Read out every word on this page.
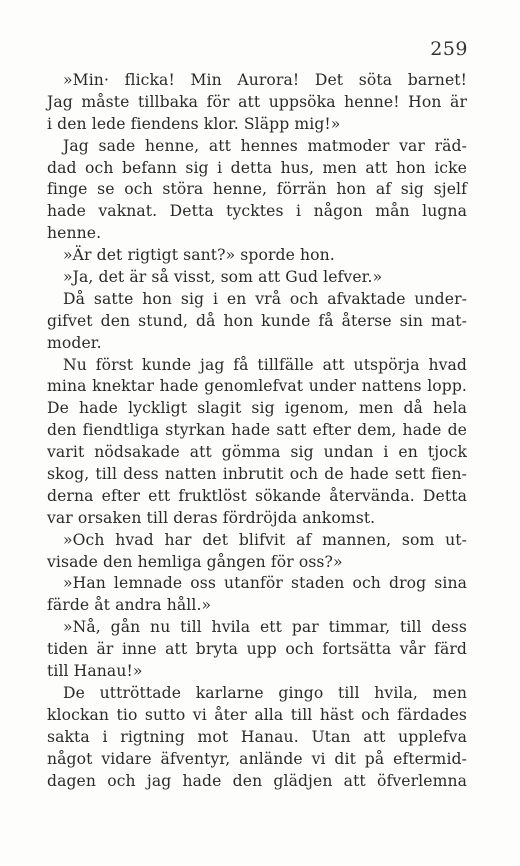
259
»Min· flicka! Min Aurora! Det söta barnet!
Jag måste tillbaka för att uppsöka henne! Hon är
i den lede fiendens klor. Släpp mig!»
Jag sade henne, att hennes matmoder var räd-
dad och befann sig i detta hus, men att hon icke
finge se och störa henne, förrän hon af sig sjelf
hade vaknat. Detta tycktes i någon mån lugna
henne.
»Är det rigtigt sant?» sporde hon.
»Ja, det är så visst, som att Gud lefver.»
Då satte hon sig i en vrå och afvaktade under-
gifvet den stund, då hon kunde få återse sin mat-
moder.
Nu först kunde jag få tillfälle att utspörja hvad
mina knektar hade genomlefvat under nattens lopp.
De hade lyckligt slagit sig igenom, men då hela
den fiendtliga styrkan hade satt efter dem, hade de
varit nödsakade att gömma sig undan i en tjock
skog, till dess natten inbrutit och de hade sett fien-
derna efter ett fruktlöst sökande återvända. Detta
var orsaken till deras fördröjda ankomst.
»Och hvad har det blifvit af mannen, som ut-
visade den hemliga gången för oss?»
»Han lemnade oss utanför staden och drog sina
färde åt andra håll.»
»Nå, gån nu till hvila ett par timmar, till dess
tiden är inne att bryta upp och fortsätta vår färd
till Hanau!»
De uttröttade karlarne gingo till hvila, men
klockan tio sutto vi åter alla till häst och färdades
sakta i rigtning mot Hanau. Utan att upplefva
något vidare äfventyr, anlände vi dit på eftermid-
dagen och jag hade den glädjen att öfverlemna
